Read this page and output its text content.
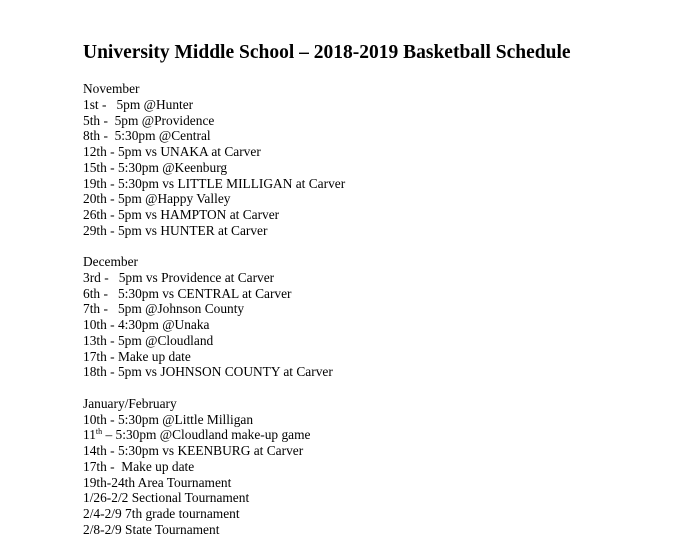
University Middle School – 2018-2019 Basketball Schedule

November

1st -   5pm @Hunter

5th -  5pm @Providence

8th -  5:30pm @Central

12th - 5pm vs UNAKA at Carver

15th - 5:30pm @Keenburg

19th - 5:30pm vs LITTLE MILLIGAN at Carver

20th - 5pm @Happy Valley

26th - 5pm vs HAMPTON at Carver

29th - 5pm vs HUNTER at Carver

December

3rd -   5pm vs Providence at Carver

6th -   5:30pm vs CENTRAL at Carver

7th -   5pm @Johnson County

10th - 4:30pm @Unaka

13th - 5pm @Cloudland

17th - Make up date

18th - 5pm vs JOHNSON COUNTY at Carver

January/February

10th - 5:30pm @Little Milligan

11th – 5:30pm @Cloudland make-up game

14th - 5:30pm vs KEENBURG at Carver

17th -  Make up date

19th-24th Area Tournament

1/26-2/2 Sectional Tournament

2/4-2/9 7th grade tournament

2/8-2/9 State Tournament
